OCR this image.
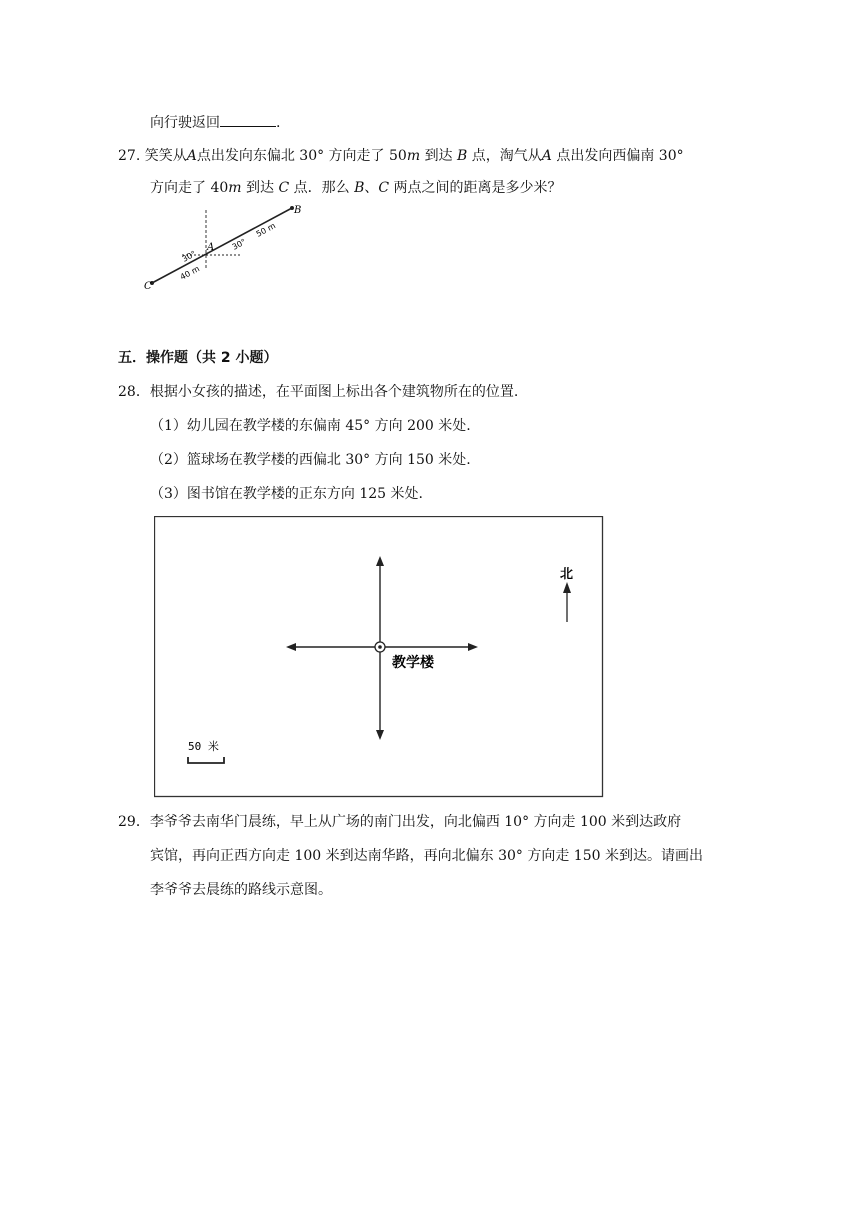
向行驶返回	.
27. 笑笑从A点出发向东偏北 30° 方向走了 50m 到达 B 点，淘气从A 点出发向西偏南 30°
方向走了 40m 到达 C 点．那么 B、C 两点之间的距离是多少米？
B
C
A
30°
30°
50 m
40 m
五．操作题（共 2 小题）
28．根据小女孩的描述，在平面图上标出各个建筑物所在的位置.
（1）幼儿园在教学楼的东偏南 45° 方向 200 米处.
（2）篮球场在教学楼的西偏北 30° 方向 150 米处.
（3）图书馆在教学楼的正东方向 125 米处.
教学楼
北
50 米
29．李爷爷去南华门晨练，早上从广场的南门出发，向北偏西 10° 方向走 100 米到达政府
宾馆，再向正西方向走 100 米到达南华路，再向北偏东 30° 方向走 150 米到达。请画出
李爷爷去晨练的路线示意图。
